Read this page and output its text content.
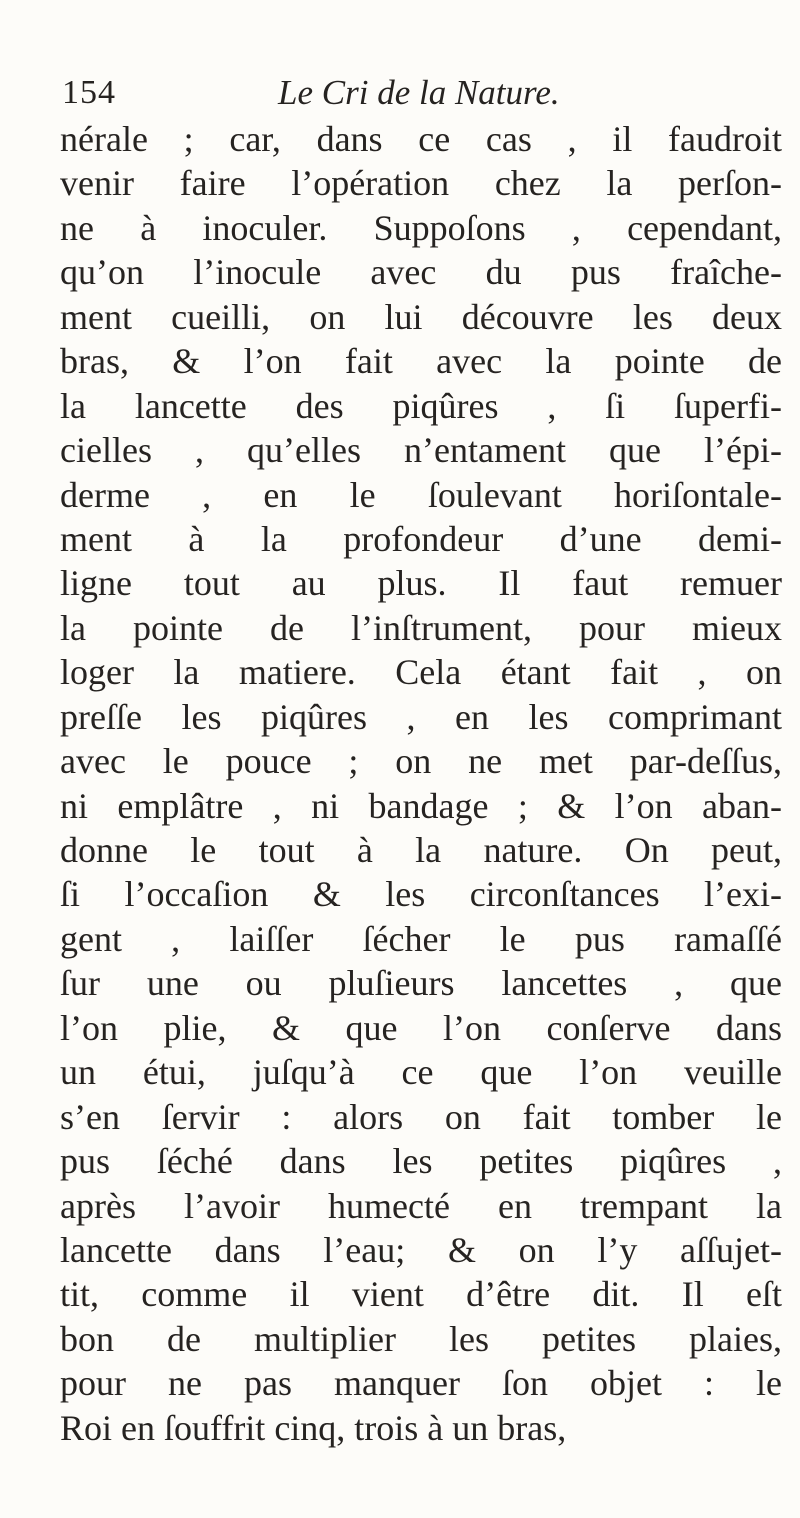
154	Le Cri de la Nature.
nérale ; car, dans ce cas , il faudroit
venir faire l’opération chez la perſon-
ne à inoculer. Suppoſons , cependant,
qu’on l’inocule avec du pus fraîche-
ment cueilli, on lui découvre les deux
bras, & l’on fait avec la pointe de
la lancette des piqûres , ſi ſuperfi-
cielles , qu’elles n’entament que l’épi-
derme , en le ſoulevant horiſontale-
ment à la profondeur d’une demi-
ligne tout au plus. Il faut remuer
la pointe de l’inſtrument, pour mieux
loger la matiere. Cela étant fait , on
preſſe les piqûres , en les comprimant
avec le pouce ; on ne met par-deſſus,
ni emplâtre , ni bandage ; & l’on aban-
donne le tout à la nature. On peut,
ſi l’occaſion & les circonſtances l’exi-
gent , laiſſer ſécher le pus ramaſſé
ſur une ou pluſieurs lancettes , que
l’on plie, & que l’on conſerve dans
un étui, juſqu’à ce que l’on veuille
s’en ſervir : alors on fait tomber le
pus ſéché dans les petites piqûres ,
après l’avoir humecté en trempant la
lancette dans l’eau; & on l’y aſſujet-
tit, comme il vient d’être dit. Il eſt
bon de multiplier les petites plaies,
pour ne pas manquer ſon objet : le
Roi en ſouffrit cinq, trois à un bras,
